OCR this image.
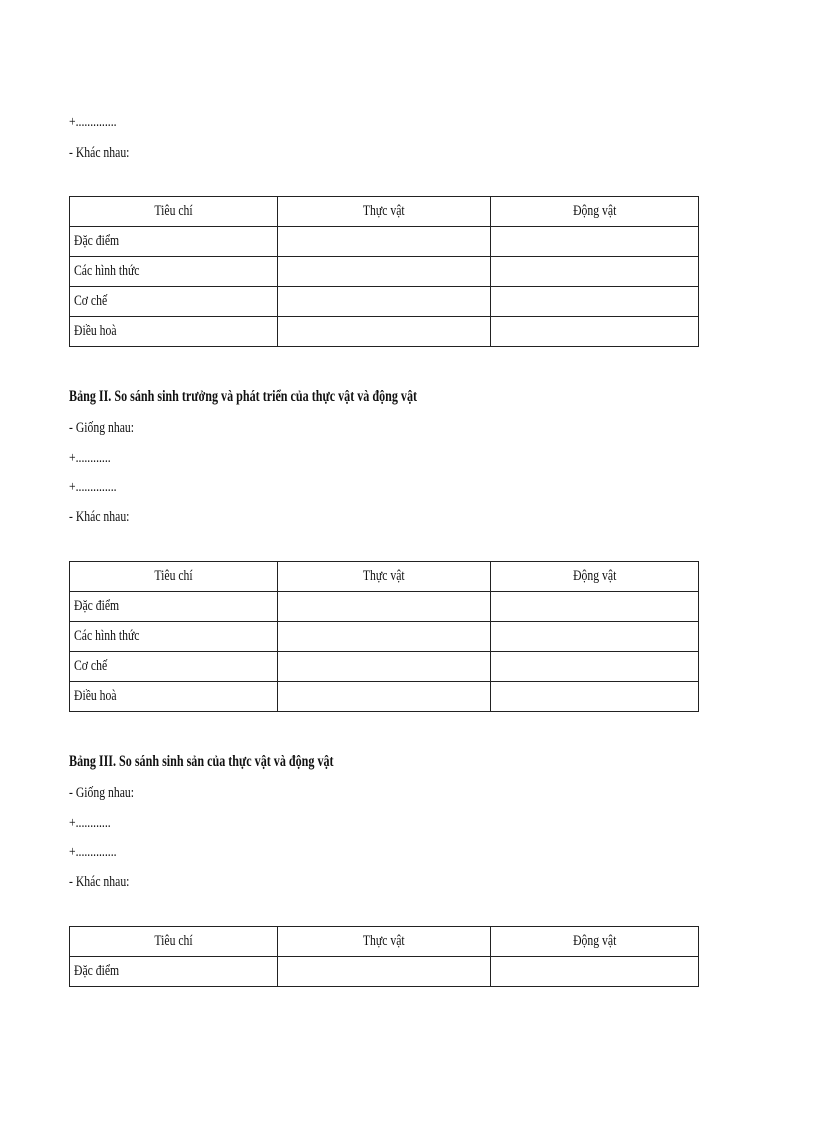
+..............
- Khác nhau:
Tiêu chí	Thực vật	Động vật
Đặc điểm		
Các hình thức		
Cơ chế		
Điều hoà		
Bảng II. So sánh sinh trưởng và phát triển của thực vật và động vật
- Giống nhau:
+............
+..............
- Khác nhau:
Tiêu chí	Thực vật	Động vật
Đặc điểm		
Các hình thức		
Cơ chế		
Điều hoà		
Bảng III. So sánh sinh sản của thực vật và động vật
- Giống nhau:
+............
+..............
- Khác nhau:
Tiêu chí	Thực vật	Động vật
Đặc điểm		
